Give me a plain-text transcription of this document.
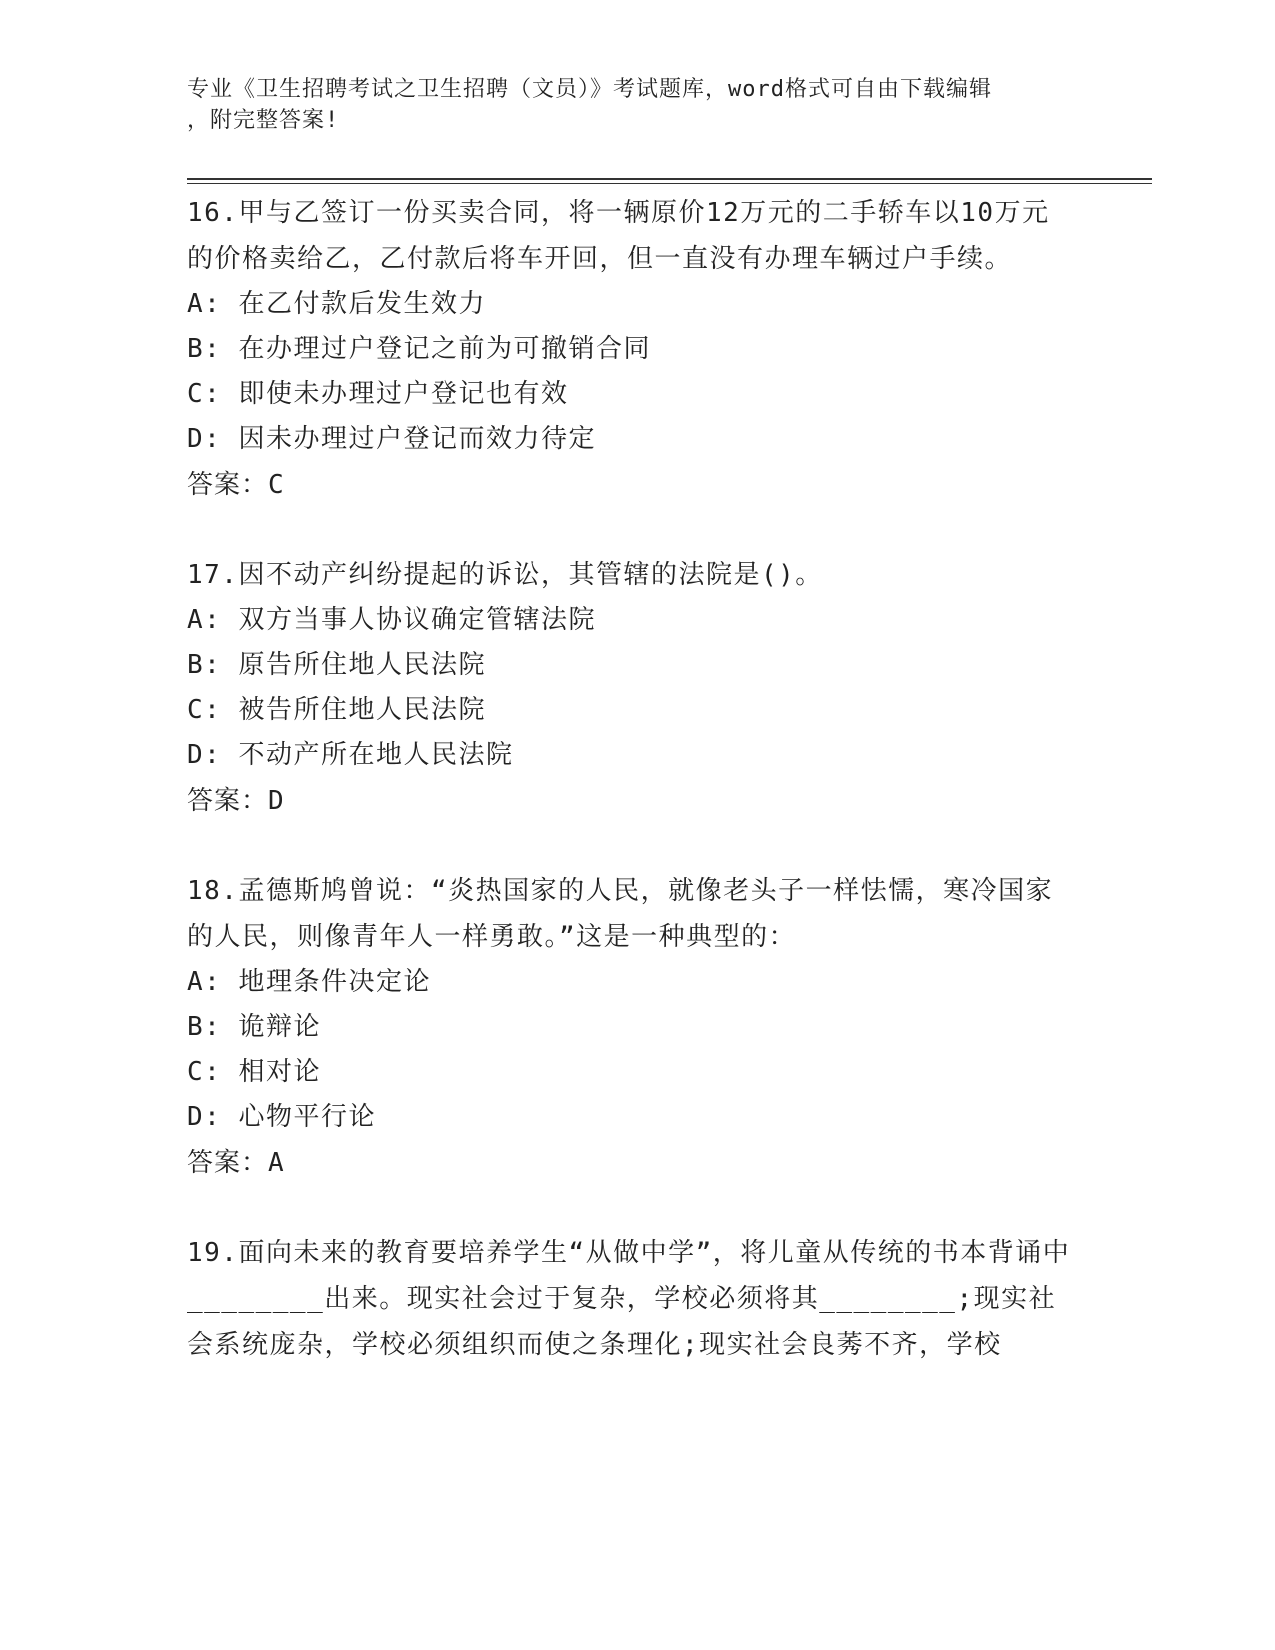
专业《卫生招聘考试之卫生招聘（文员）》考试题库，word格式可自由下载编辑
，附完整答案!

16.甲与乙签订一份买卖合同，将一辆原价12万元的二手轿车以10万元的价格卖给乙，乙付款后将车开回，但一直没有办理车辆过户手续。

A: 在乙付款后发生效力

B: 在办理过户登记之前为可撤销合同

C: 即使未办理过户登记也有效

D: 因未办理过户登记而效力待定

答案：C

17.因不动产纠纷提起的诉讼，其管辖的法院是()。

A: 双方当事人协议确定管辖法院

B: 原告所住地人民法院

C: 被告所住地人民法院

D: 不动产所在地人民法院

答案：D

18.孟德斯鸠曾说：“炎热国家的人民，就像老头子一样怯懦，寒冷国家的人民，则像青年人一样勇敢。”这是一种典型的：

A: 地理条件决定论

B: 诡辩论

C: 相对论

D: 心物平行论

答案：A

19.面向未来的教育要培养学生“从做中学”，将儿童从传统的书本背诵中________出来。现实社会过于复杂，学校必须将其________;现实社会系统庞杂，学校必须组织而使之条理化;现实社会良莠不齐，学校
